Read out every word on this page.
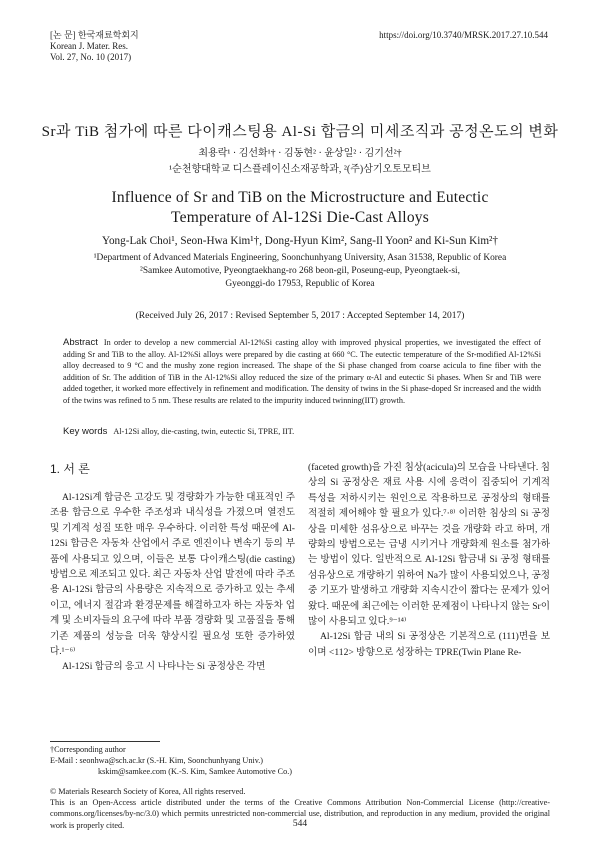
[논 문] 한국재료학회지
Korean J. Mater. Res.
Vol. 27, No. 10 (2017)
https://doi.org/10.3740/MRSK.2017.27.10.544
Sr과 TiB 첨가에 따른 다이캐스팅용 Al-Si 합금의 미세조직과 공정온도의 변화
최용락¹ · 김선화¹† · 김동현² · 윤상일² · 김기선²†
¹순천향대학교 디스플레이신소재공학과, ²(주)삼기오토모티브
Influence of Sr and TiB on the Microstructure and Eutectic
Temperature of Al-12Si Die-Cast Alloys
Yong-Lak Choi¹, Seon-Hwa Kim¹†, Dong-Hyun Kim², Sang-Il Yoon² and Ki-Sun Kim²†
¹Department of Advanced Materials Engineering, Soonchunhyang University, Asan 31538, Republic of Korea
²Samkee Automotive, Pyeongtaekhang-ro 268 beon-gil, Poseung-eup, Pyeongtaek-si,
Gyeonggi-do 17953, Republic of Korea
(Received July 26, 2017 : Revised September 5, 2017 : Accepted September 14, 2017)
Abstract In order to develop a new commercial Al-12%Si casting alloy with improved physical properties, we investigated the effect of adding Sr and TiB to the alloy. Al-12%Si alloys were prepared by die casting at 660 °C. The eutectic temperature of the Sr-modified Al-12%Si alloy decreased to 9 °C and the mushy zone region increased. The shape of the Si phase changed from coarse acicula to fine fiber with the addition of Sr. The addition of TiB in the Al-12%Si alloy reduced the size of the primary α-Al and eutectic Si phases. When Sr and TiB were added together, it worked more effectively in refinement and modification. The density of twins in the Si phase-doped Sr increased and the width of the twins was refined to 5 nm. These results are related to the impurity induced twinning(IIT) growth.
Key words Al-12Si alloy, die-casting, twin, eutectic Si, TPRE, IIT.
1. 서 론

Al-12Si계 합금은 고강도 및 경량화가 가능한 대표적인 주조용 합금으로 우수한 주조성과 내식성을 가졌으며 열전도 및 기계적 성질 또한 매우 우수하다. 이러한 특성 때문에 Al-12Si 합금은 자동차 산업에서 주로 엔진이나 변속기 등의 부품에 사용되고 있으며, 이들은 보통 다이캐스팅(die casting) 방법으로 제조되고 있다. 최근 자동차 산업 발전에 따라 주조용 Al-12Si 합금의 사용량은 지속적으로 증가하고 있는 추세이고, 에너지 절감과 환경문제를 해결하고자 하는 자동차 업계 및 소비자들의 요구에 따라 부품 경량화 및 고품질을 통해 기존 제품의 성능을 더욱 향상시킬 필요성 또한 증가하였다.¹⁻⁶⁾

Al-12Si 합금의 응고 시 나타나는 Si 공정상은 각면

(faceted growth)을 가진 침상(acicula)의 모습을 나타낸다. 침상의 Si 공정상은 재료 사용 시에 응력이 집중되어 기계적 특성을 저하시키는 원인으로 작용하므로 공정상의 형태를 적절히 제어해야 할 필요가 있다.⁷·⁸⁾ 이러한 침상의 Si 공정상을 미세한 섬유상으로 바꾸는 것을 개량화 라고 하며, 개량화의 방법으로는 급냉 시키거나 개량화제 원소를 첨가하는 방법이 있다. 일반적으로 Al-12Si 합금내 Si 공정 형태를 섬유상으로 개량하기 위하여 Na가 많이 사용되었으나, 공정중 기포가 발생하고 개량화 지속시간이 짧다는 문제가 있어왔다. 때문에 최근에는 이러한 문제점이 나타나지 않는 Sr이 많이 사용되고 있다.⁹⁻¹⁴⁾

Al-12Si 합금 내의 Si 공정상은 기본적으로 (111)면을 보이며 <112> 방향으로 성장하는 TPRE(Twin Plane Re-

†Corresponding author
E-Mail : seonhwa@sch.ac.kr (S.-H. Kim, Soonchunhyang Univ.)
kskim@samkee.com (K.-S. Kim, Samkee Automotive Co.)
© Materials Research Society of Korea, All rights reserved.
This is an Open-Access article distributed under the terms of the Creative Commons Attribution Non-Commercial License (http://creative-commons.org/licenses/by-nc/3.0) which permits unrestricted non-commercial use, distribution, and reproduction in any medium, provided the original work is properly cited.	544
